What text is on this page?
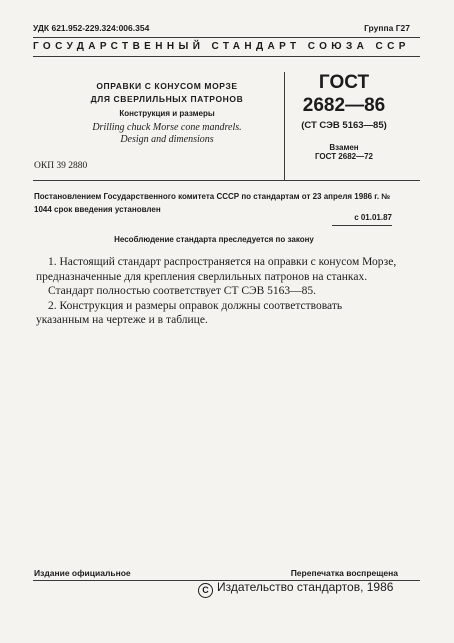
УДК 621.952-229.324:006.354	Группа Г27
ГОСУДАРСТВЕННЫЙ СТАНДАРТ СОЮЗА ССР
ОПРАВКИ С КОНУСОМ МОРЗЕ
ДЛЯ СВЕРЛИЛЬНЫХ ПАТРОНОВ
Конструкция и размеры
Drilling chuck Morse cone mandrels.
Design and dimensions
ГОСТ
2682—86
(СТ СЭВ 5163—85)
Взамен
ГОСТ 2682—72
ОКП 39 2880
Постановлением Государственного комитета СССР по стандартам от 23 апреля 1986 г. № 1044 срок введения установлен
с 01.01.87
Несоблюдение стандарта преследуется по закону

1. Настоящий стандарт распространяется на оправки с конусом Морзе, предназначенные для крепления сверлильных патронов на станках.

Стандарт полностью соответствует СТ СЭВ 5163—85.

2. Конструкция и размеры оправок должны соответствовать указанным на чертеже и в таблице.

Издание официальное	Перепечатка воспрещена
C Издательство стандартов, 1986
